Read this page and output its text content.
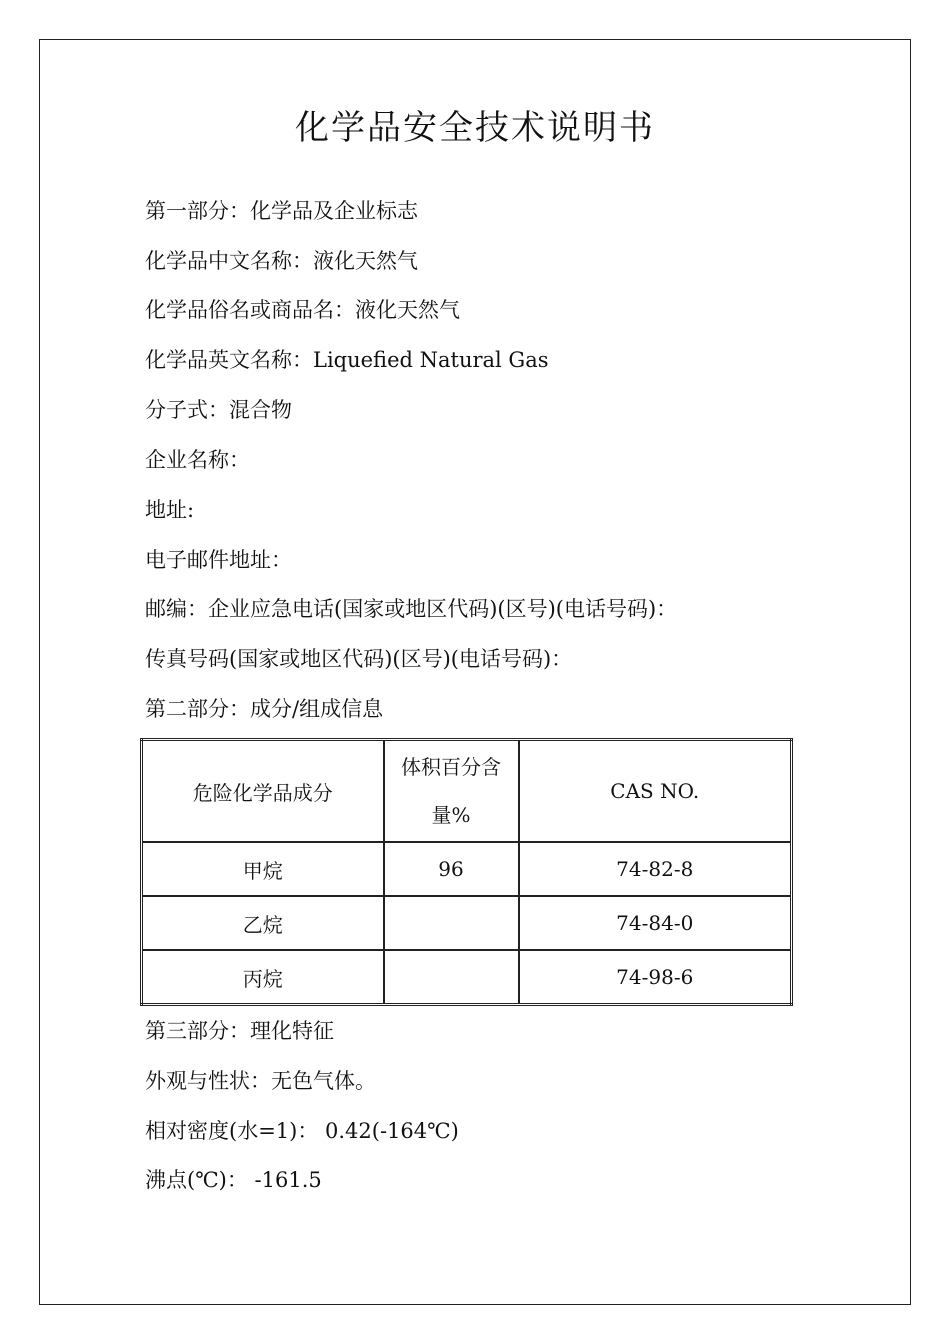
化学品安全技术说明书
第一部分：化学品及企业标志
化学品中文名称：液化天然气
化学品俗名或商品名：液化天然气
化学品英文名称：Liquefied Natural Gas
分子式：混合物
企业名称：
地址:
电子邮件地址：
邮编：企业应急电话(国家或地区代码)(区号)(电话号码)：
传真号码(国家或地区代码)(区号)(电话号码)：
第二部分：成分/组成信息
危险化学品成分	体积百分含量%	CAS NO.
甲烷	96	74-82-8
乙烷		74-84-0
丙烷		74-98-6
第三部分：理化特征
外观与性状：无色气体。
相对密度(水=1)： 0.42(-164℃)
沸点(℃)： -161.5
